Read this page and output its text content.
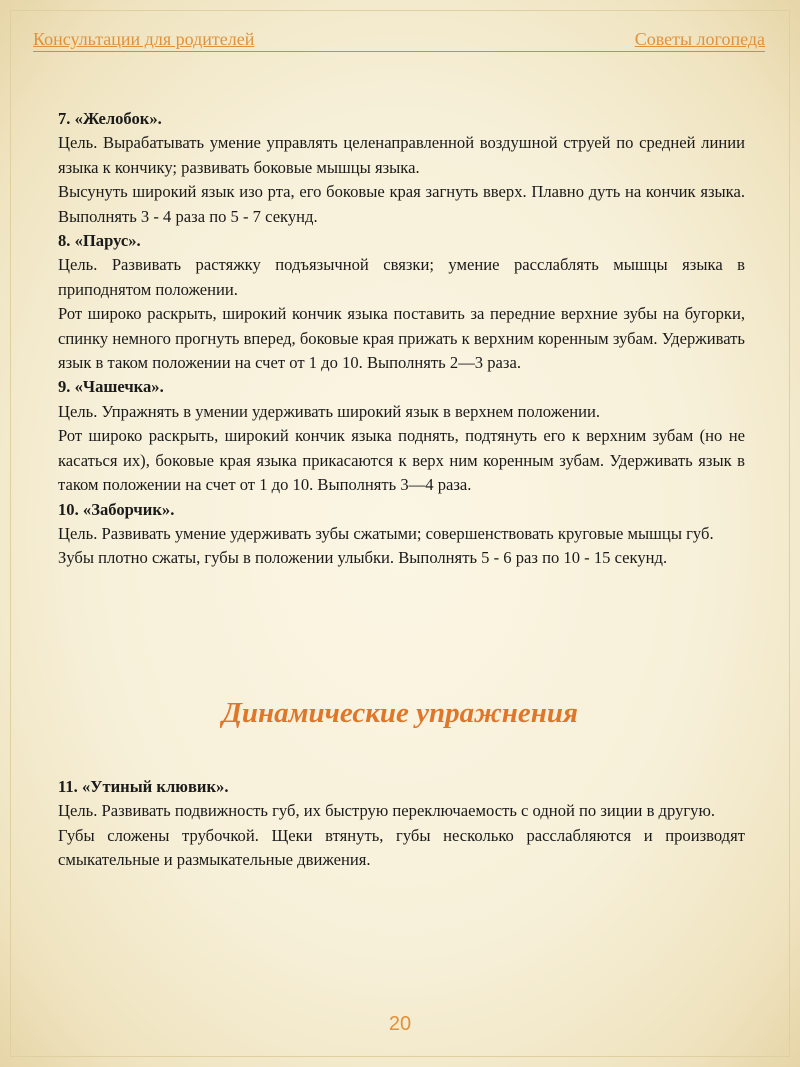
Консультации для родителей	Советы логопеда

7. «Желобок».

Цель. Вырабатывать умение управлять целенаправленной воздушной струей по средней линии языка к кончику; развивать боковые мышцы языка.

Высунуть широкий язык изо рта, его боковые края загнуть вверх. Плавно дуть на кончик языка. Выполнять 3 - 4 раза по 5 - 7 секунд.

8. «Парус».

Цель. Развивать растяжку подъязычной связки; умение расслаблять мышцы языка в приподнятом положении.

Рот широко раскрыть, широкий кончик языка поставить за передние верхние зубы на бугорки, спинку немного прогнуть вперед, боковые края прижать к верхним коренным зубам. Удерживать язык в таком положении на счет от 1 до 10. Выполнять 2—3 раза.

9. «Чашечка».

Цель. Упражнять в умении удерживать широкий язык в верхнем положении.

Рот широко раскрыть, широкий кончик языка поднять, подтянуть его к верхним зубам (но не касаться их), боковые края языка прикасаются к верх ним коренным зубам. Удерживать язык в таком положении на счет от 1 до 10. Выполнять 3—4 раза.

10. «Заборчик».

Цель. Развивать умение удерживать зубы сжатыми; совершенствовать круговые мышцы губ.

Зубы плотно сжаты, губы в положении улыбки. Выполнять 5 - 6 раз по 10 - 15 секунд.

Динамические упражнения

11. «Утиный клювик».

Цель. Развивать подвижность губ, их быструю переключаемость с одной по зиции в другую.

Губы сложены трубочкой. Щеки втянуть, губы несколько расслабляются и производят смыкательные и размыкательные движения.

20
